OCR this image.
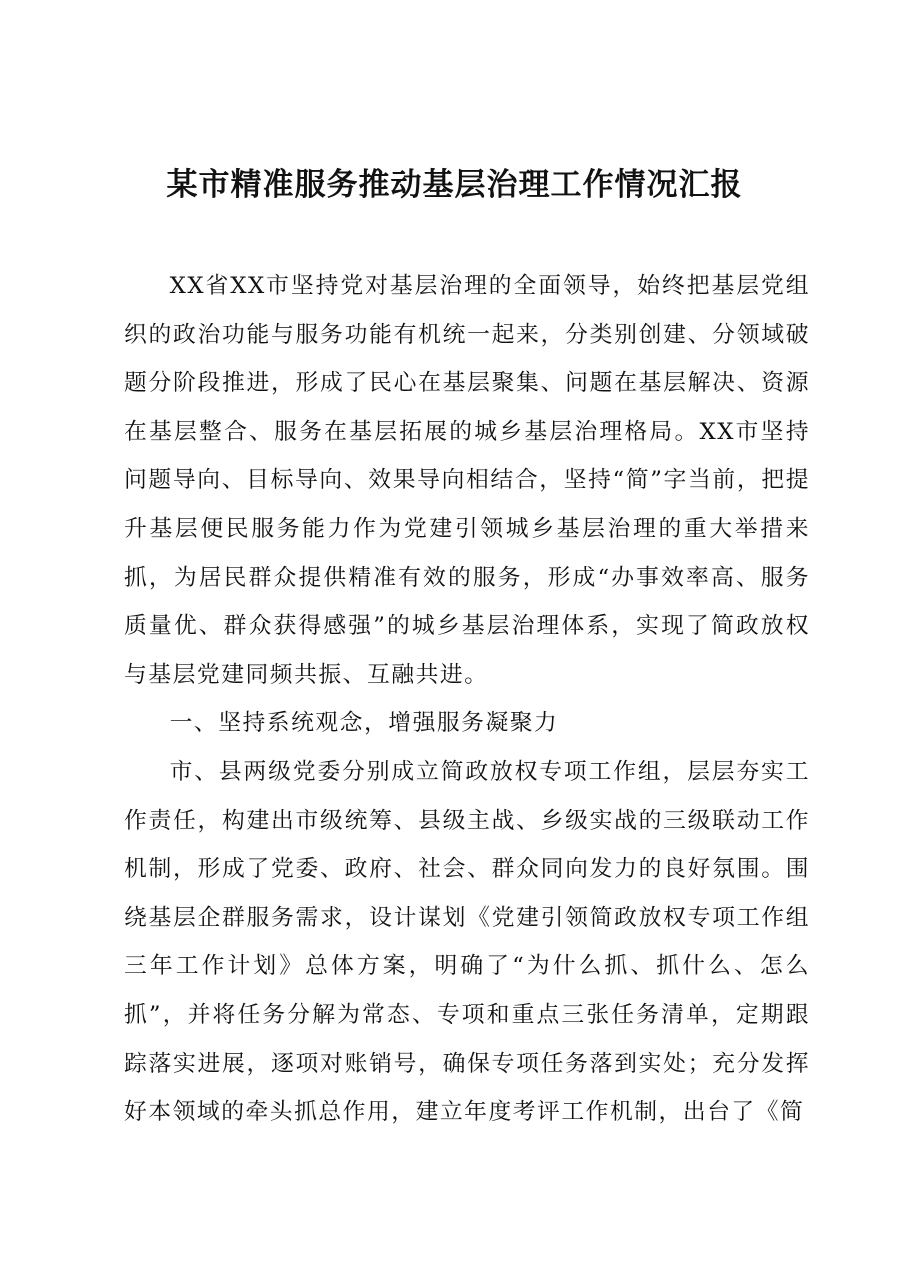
某市精准服务推动基层治理工作情况汇报

XX省XX市坚持党对基层治理的全面领导，始终把基层党组织的政治功能与服务功能有机统一起来，分类别创建、分领域破题分阶段推进，形成了民心在基层聚集、问题在基层解决、资源在基层整合、服务在基层拓展的城乡基层治理格局。XX市坚持问题导向、目标导向、效果导向相结合，坚持“简”字当前，把提升基层便民服务能力作为党建引领城乡基层治理的重大举措来抓，为居民群众提供精准有效的服务，形成“办事效率高、服务质量优、群众获得感强”的城乡基层治理体系，实现了简政放权与基层党建同频共振、互融共进。

一、坚持系统观念，增强服务凝聚力

市、县两级党委分别成立简政放权专项工作组，层层夯实工作责任，构建出市级统筹、县级主战、乡级实战的三级联动工作机制，形成了党委、政府、社会、群众同向发力的良好氛围。围绕基层企群服务需求，设计谋划《党建引领简政放权专项工作组三年工作计划》总体方案，明确了“为什么抓、抓什么、怎么抓”，并将任务分解为常态、专项和重点三张任务清单，定期跟踪落实进展，逐项对账销号，确保专项任务落到实处；充分发挥好本领域的牵头抓总作用，建立年度考评工作机制，出台了《简
